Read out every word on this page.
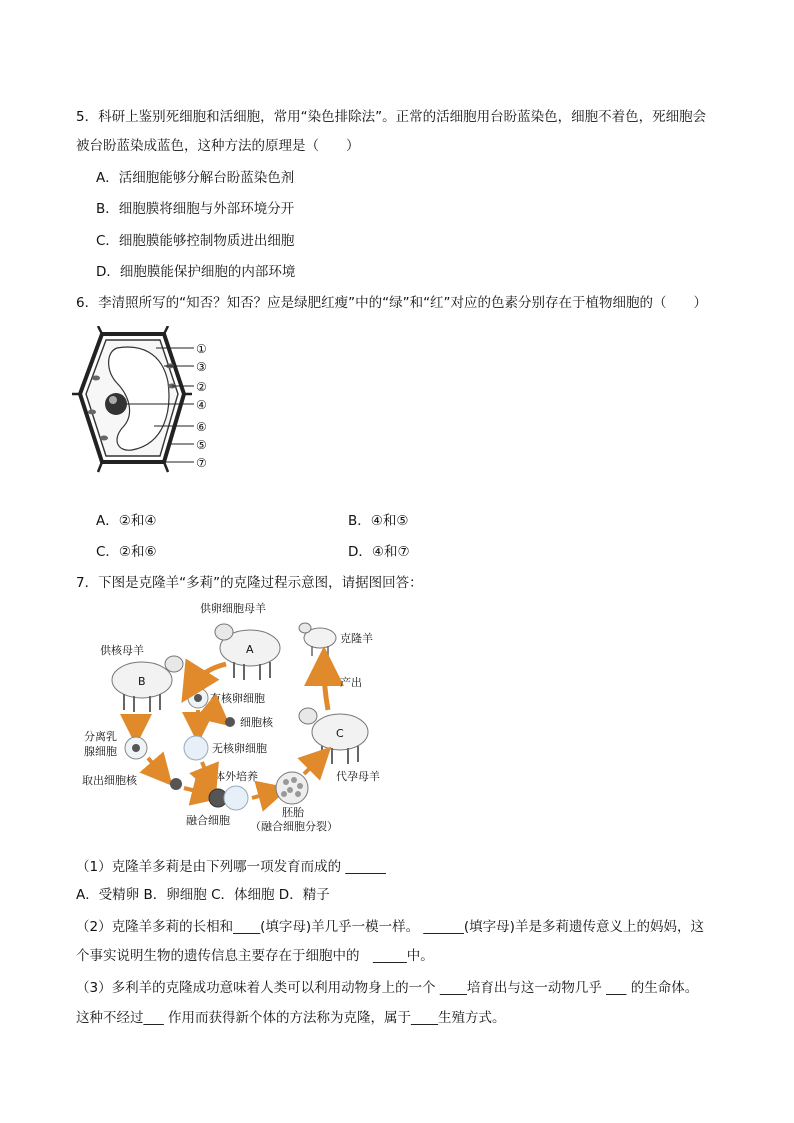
5．科研上鉴别死细胞和活细胞，常用“染色排除法”。正常的活细胞用台盼蓝染色，细胞不着色，死细胞会
被台盼蓝染成蓝色，这种方法的原理是（　　）
A．活细胞能够分解台盼蓝染色剂
B．细胞膜将细胞与外部环境分开
C．细胞膜能够控制物质进出细胞
D．细胞膜能保护细胞的内部环境
6．李清照所写的“知否？知否？应是绿肥红瘦”中的“绿”和“红”对应的色素分别存在于植物细胞的（　　）
①
③
②
④
⑥
⑤
⑦
A．②和④	B．④和⑤
C．②和⑥	D．④和⑦
7．下图是克隆羊“多莉”的克隆过程示意图，请据图回答：
供卵细胞母羊
A
克隆羊
供核母羊
B	产出
有核卵细胞
细胞核
分离乳
腺细胞	无核卵细胞
C
代孕母羊
取出细胞核	体外培养
融合细胞
胚胎
（融合细胞分裂）
（1）克隆羊多莉是由下列哪一项发育而成的 ______
A．受精卵 B．卵细胞 C．体细胞 D．精子
（2）克隆羊多莉的长相和____(填字母)羊几乎一模一样。 ______(填字母)羊是多莉遗传意义上的妈妈，这
个事实说明生物的遗传信息主要存在于细胞中的　_____中。
（3）多利羊的克隆成功意味着人类可以利用动物身上的一个 ____培育出与这一动物几乎 ___ 的生命体。
这种不经过___ 作用而获得新个体的方法称为克隆，属于____生殖方式。
